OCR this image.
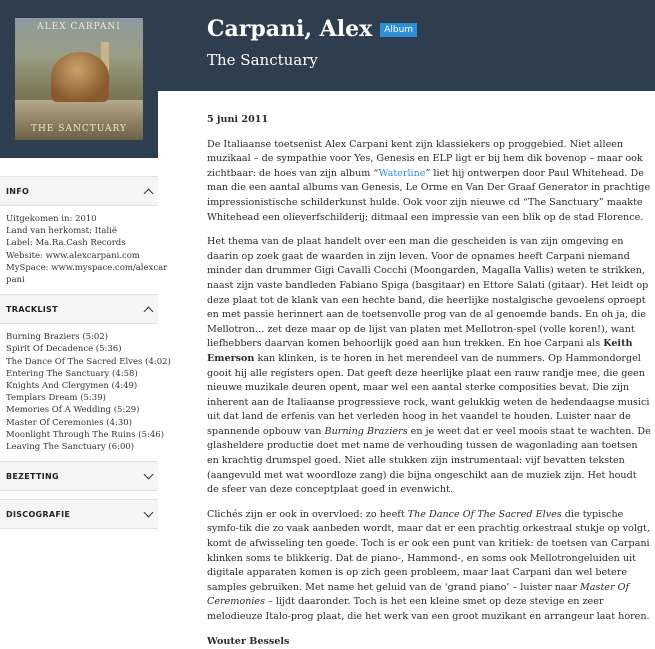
ALEX CARPANI
THE SANCTUARY
Carpani, Alex Album
The Sanctuary
INFO
Uitgekomen in: 2010
Land van herkomst: Italië
Label: Ma.Ra.Cash Records
Website: www.alexcarpani.com
MySpace: www.myspace.com/alexcar
pani
TRACKLIST
Burning Braziers (5:02)
Spirit Of Decadence (5:36)
The Dance Of The Sacred Elves (4:02)
Entering The Sanctuary (4:58)
Knights And Clergymen (4:49)
Templars Dream (5:39)
Memories Of A Wedding (5:29)
Master Of Ceremonies (4:30)
Moonlight Through The Ruins (5:46)
Leaving The Sanctuary (6:00)
BEZETTING
DISCOGRAFIE
5 juni 2011

De Italiaanse toetsenist Alex Carpani kent zijn klassiekers op proggebied. Niet alleen muzikaal – de sympathie voor Yes, Genesis en ELP ligt er bij hem dik bovenop – maar ook zichtbaar: de hoes van zijn album “Waterline” liet hij ontwerpen door Paul Whitehead. De man die een aantal albums van Genesis, Le Orme en Van Der Graaf Generator in prachtige impressionistische schilderkunst hulde. Ook voor zijn nieuwe cd “The Sanctuary” maakte Whitehead een olieverfschilderij; ditmaal een impressie van een blik op de stad Florence.

Het thema van de plaat handelt over een man die gescheiden is van zijn omgeving en daarin op zoek gaat de waarden in zijn leven. Voor de opnames heeft Carpani niemand minder dan drummer Gigi Cavalli Cocchi (Moongarden, Magalla Vallis) weten te strikken, naast zijn vaste bandleden Fabiano Spiga (basgitaar) en Ettore Salati (gitaar). Het leidt op deze plaat tot de klank van een hechte band, die heerlijke nostalgische gevoelens oproept en met passie herinnert aan de toetsenvolle prog van de al genoemde bands. En oh ja, die Mellotron… zet deze maar op de lijst van platen met Mellotron-spel (volle koren!), want liefhebbers daarvan komen behoorlijk goed aan hun trekken. En hoe Carpani als Keith Emerson kan klinken, is te horen in het merendeel van de nummers. Op Hammondorgel gooit hij alle registers open. Dat geeft deze heerlijke plaat een rauw randje mee, die geen nieuwe muzikale deuren opent, maar wel een aantal sterke composities bevat. Die zijn inherent aan de Italiaanse progressieve rock, want gelukkig weten de hedendaagse musici uit dat land de erfenis van het verleden hoog in het vaandel te houden. Luister naar de spannende opbouw van Burning Braziers en je weet dat er veel moois staat te wachten. De glasheldere productie doet met name de verhouding tussen de wagonlading aan toetsen en krachtig drumspel goed. Niet alle stukken zijn instrumentaal: vijf bevatten teksten (aangevuld met wat woordloze zang) die bijna ongeschikt aan de muziek zijn. Het houdt de sfeer van deze conceptplaat goed in evenwicht.

Clichés zijn er ook in overvloed: zo heeft The Dance Of The Sacred Elves die typische symfo-tik die zo vaak aanbeden wordt, maar dat er een prachtig orkestraal stukje op volgt, komt de afwisseling ten goede. Toch is er ook een punt van kritiek: de toetsen van Carpani klinken soms te blikkerig. Dat de piano-, Hammond-, en soms ook Mellotrongeluiden uit digitale apparaten komen is op zich geen probleem, maar laat Carpani dan wel betere samples gebruiken. Met name het geluid van de ‘grand piano’ – luister naar Master Of Ceremonies – lijdt daaronder. Toch is het een kleine smet op deze stevige en zeer melodieuze Italo-prog plaat, die het werk van een groot muzikant en arrangeur laat horen.

Wouter Bessels
